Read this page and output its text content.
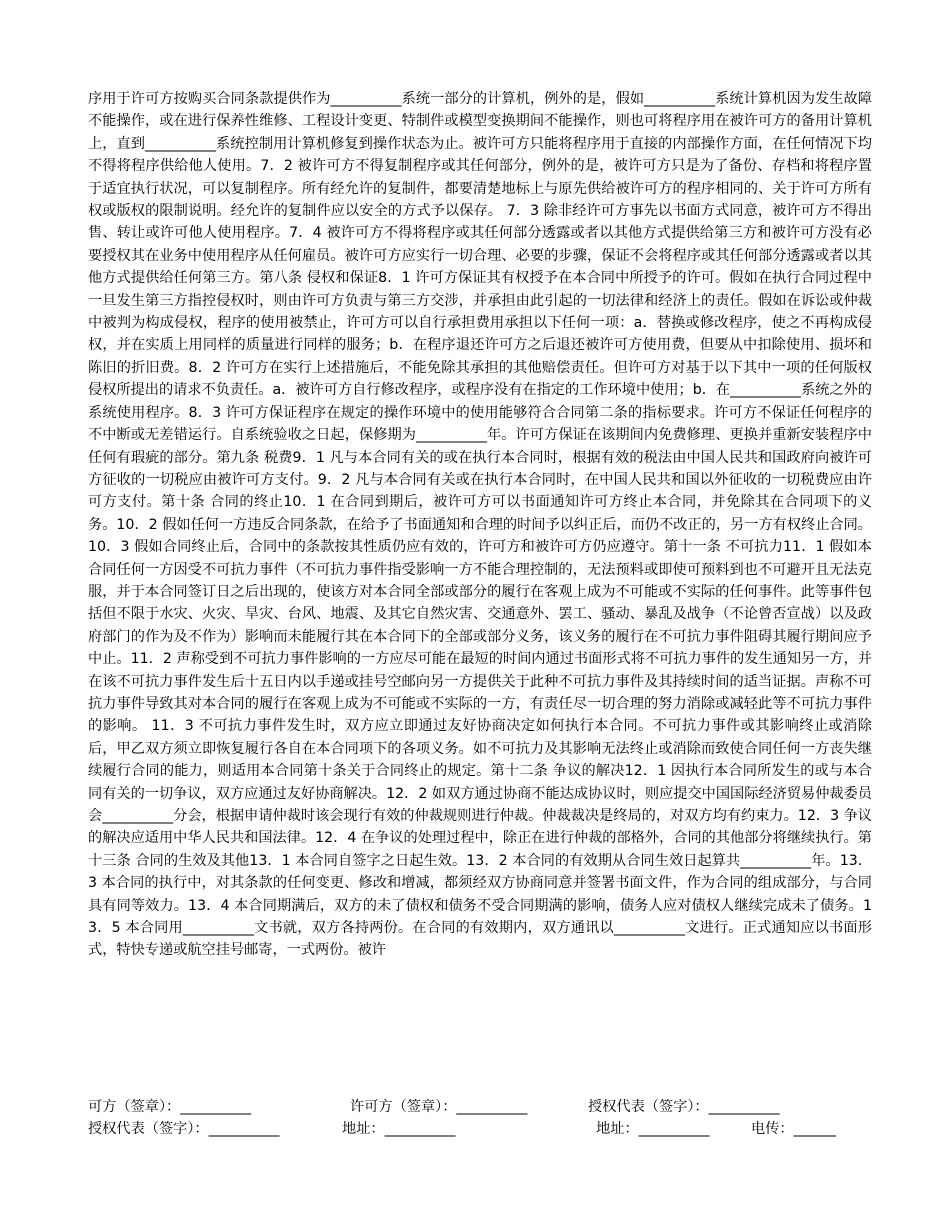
序用于许可方按购买合同条款提供作为__________系统一部分的计算机，例外的是，假如__________系统计算机因为发生故障不能操作，或在进行保养性维修、工程设计变更、特制件或模型变换期间不能操作，则也可将程序用在被许可方的备用计算机上，直到__________系统控制用计算机修复到操作状态为止。被许可方只能将程序用于直接的内部操作方面，在任何情况下均不得将程序供给他人使用。7．2 被许可方不得复制程序或其任何部分，例外的是，被许可方只是为了备份、存档和将程序置于适宜执行状况，可以复制程序。所有经允许的复制件，都要清楚地标上与原先供给被许可方的程序相同的、关于许可方所有权或版权的限制说明。经允许的复制件应以安全的方式予以保存。 7．3 除非经许可方事先以书面方式同意，被许可方不得出售、转让或许可他人使用程序。7．4 被许可方不得将程序或其任何部分透露或者以其他方式提供给第三方和被许可方没有必要授权其在业务中使用程序从任何雇员。被许可方应实行一切合理、必要的步骤，保证不会将程序或其任何部分透露或者以其他方式提供给任何第三方。第八条 侵权和保证8．1 许可方保证其有权授予在本合同中所授予的许可。假如在执行合同过程中一旦发生第三方指控侵权时，则由许可方负责与第三方交涉，并承担由此引起的一切法律和经济上的责任。假如在诉讼或仲裁中被判为构成侵权，程序的使用被禁止，许可方可以自行承担费用承担以下任何一项：a．替换或修改程序，使之不再构成侵权，并在实质上用同样的质量进行同样的服务；b．在程序退还许可方之后退还被许可方使用费，但要从中扣除使用、损坏和陈旧的折旧费。8．2 许可方在实行上述措施后，不能免除其承担的其他赔偿责任。但许可方对基于以下其中一项的任何版权侵权所提出的请求不负责任。a．被许可方自行修改程序，或程序没有在指定的工作环境中使用；b．在__________系统之外的系统使用程序。8．3 许可方保证程序在规定的操作环境中的使用能够符合合同第二条的指标要求。许可方不保证任何程序的不中断或无差错运行。自系统验收之日起，保修期为__________年。许可方保证在该期间内免费修理、更换并重新安装程序中任何有瑕疵的部分。第九条 税费9．1 凡与本合同有关的或在执行本合同时，根据有效的税法由中国人民共和国政府向被许可方征收的一切税应由被许可方支付。9．2 凡与本合同有关或在执行本合同时，在中国人民共和国以外征收的一切税费应由许可方支付。第十条 合同的终止10．1 在合同到期后，被许可方可以书面通知许可方终止本合同，并免除其在合同项下的义务。10．2 假如任何一方违反合同条款，在给予了书面通知和合理的时间予以纠正后，而仍不改正的，另一方有权终止合同。10．3 假如合同终止后，合同中的条款按其性质仍应有效的，许可方和被许可方仍应遵守。第十一条 不可抗力11．1 假如本合同任何一方因受不可抗力事件（不可抗力事件指受影响一方不能合理控制的，无法预料或即使可预料到也不可避开且无法克服，并于本合同签订日之后出现的，使该方对本合同全部或部分的履行在客观上成为不可能或不实际的任何事件。此等事件包括但不限于水灾、火灾、旱灾、台风、地震、及其它自然灾害、交通意外、罢工、骚动、暴乱及战争（不论曾否宣战）以及政府部门的作为及不作为）影响而未能履行其在本合同下的全部或部分义务，该义务的履行在不可抗力事件阻碍其履行期间应予中止。11．2 声称受到不可抗力事件影响的一方应尽可能在最短的时间内通过书面形式将不可抗力事件的发生通知另一方，并在该不可抗力事件发生后十五日内以手递或挂号空邮向另一方提供关于此种不可抗力事件及其持续时间的适当证据。声称不可抗力事件导致其对本合同的履行在客观上成为不可能或不实际的一方，有责任尽一切合理的努力消除或减轻此等不可抗力事件的影响。 11．3 不可抗力事件发生时，双方应立即通过友好协商决定如何执行本合同。不可抗力事件或其影响终止或消除后，甲乙双方须立即恢复履行各自在本合同项下的各项义务。如不可抗力及其影响无法终止或消除而致使合同任何一方丧失继续履行合同的能力，则适用本合同第十条关于合同终止的规定。第十二条 争议的解决12．1 因执行本合同所发生的或与本合同有关的一切争议，双方应通过友好协商解决。12．2 如双方通过协商不能达成协议时，则应提交中国国际经济贸易仲裁委员会__________分会，根据申请仲裁时该会现行有效的仲裁规则进行仲裁。仲裁裁决是终局的，对双方均有约束力。12．3 争议的解决应适用中华人民共和国法律。12．4 在争议的处理过程中，除正在进行仲裁的部格外，合同的其他部分将继续执行。第十三条 合同的生效及其他13．1 本合同自签字之日起生效。13．2 本合同的有效期从合同生效日起算共__________年。13．3 本合同的执行中，对其条款的任何变更、修改和增减，都须经双方协商同意并签署书面文件，作为合同的组成部分，与合同具有同等效力。13．4 本合同期满后，双方的未了债权和债务不受合同期满的影响，债务人应对债权人继续完成未了债务。13．5 本合同用__________文书就，双方各持两份。在合同的有效期内，双方通讯以__________文进行。正式通知应以书面形式，特快专递或航空挂号邮寄，一式两份。被许

可方（签章）：__________	许可方（签章）：__________	授权代表（签字）：__________
授权代表（签字）：__________	地址：__________	地址：__________	电传：______
